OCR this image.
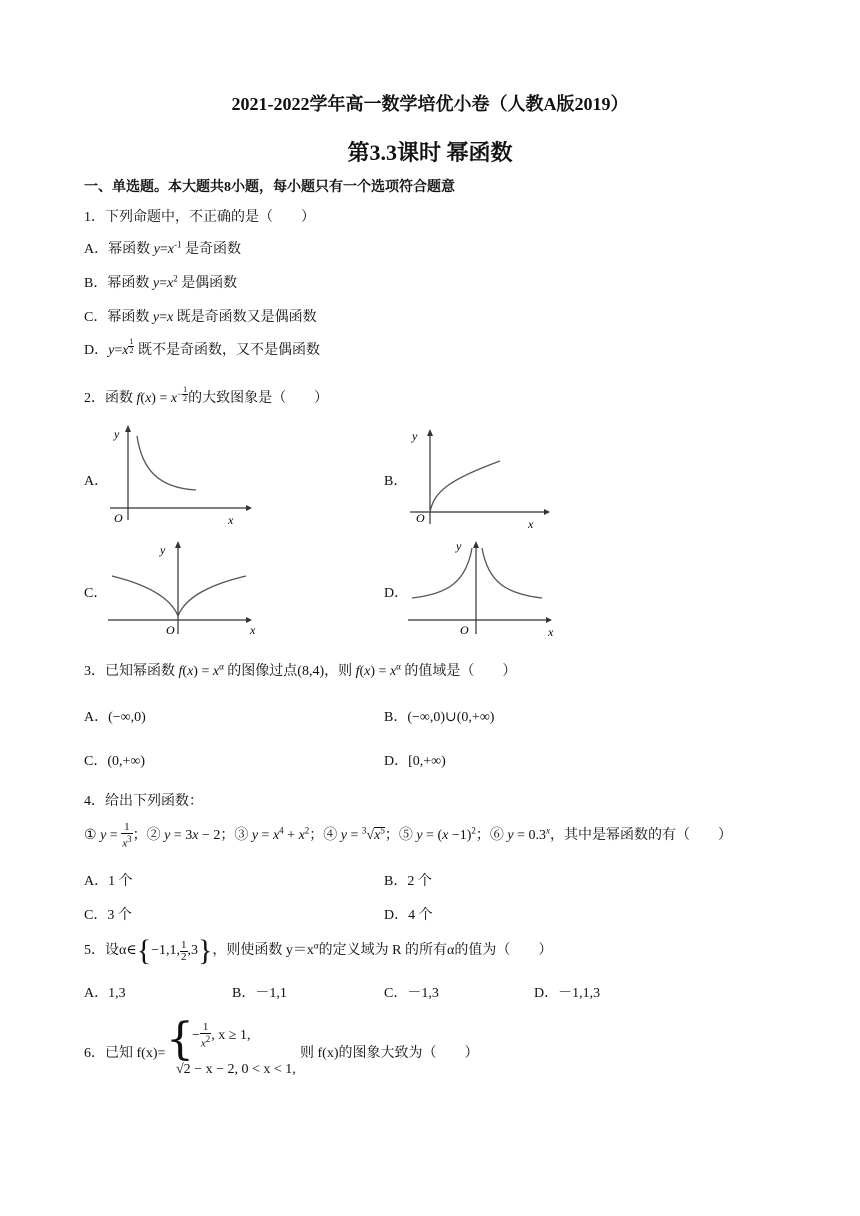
2021-2022学年高一数学培优小卷（人教A版2019）
第3.3课时 幂函数
一、单选题。本大题共8小题，每小题只有一个选项符合题意
1．下列命题中，不正确的是（　　）
A．幂函数 $y=x^{-1}$ 是奇函数
B．幂函数 $y=x^2$ 是偶函数
C．幂函数 y=x 既是奇函数又是偶函数
D．y=x $^{\frac{1}{2}}$ 既不是奇函数，又不是偶函数
2．函数 $f(x) = x^{- \frac{1}{2}}$ 的大致图象是（　　）
A．	B．
C．	D．
y
O	x
y
O	x
y
O	x
y
O	x
3．已知幂函数 $f(x) = x^\alpha$ 的图像过点(8,4)，则 $f(x) = x^\alpha$ 的值域是（　　）
A．(−∞,0)	B．(−∞,0)∪(0,+∞)
C．(0,+∞)	D．[0,+∞)
4．给出下列函数：
① $y = \frac{1}{x^3}$ ；② y = 3x − 2；③ $y = x^4 + x^2$；④ $y = ^3√x^5$；⑤ $y = (x -1)^2$；⑥ $y = 0.3^x$，其中是幂函数的有（　　）
A．1 个	B．2 个
C．3 个	D．4 个
5．设α∈{−1,1, $\frac{1}{2} ,3$}，则使函数 $y=x^\alpha$的定义域为 R 的所有α的值为（　　）
A．1,3	B．－1,1	C．－1,3	D．－1,1,3
6．已知 f(x)= {
− $\frac{1}{x^2}$ , x ≥ 1,
√2 − x − 2, 0 < x < 1,
则 f(x)的图象大致为（　　）
